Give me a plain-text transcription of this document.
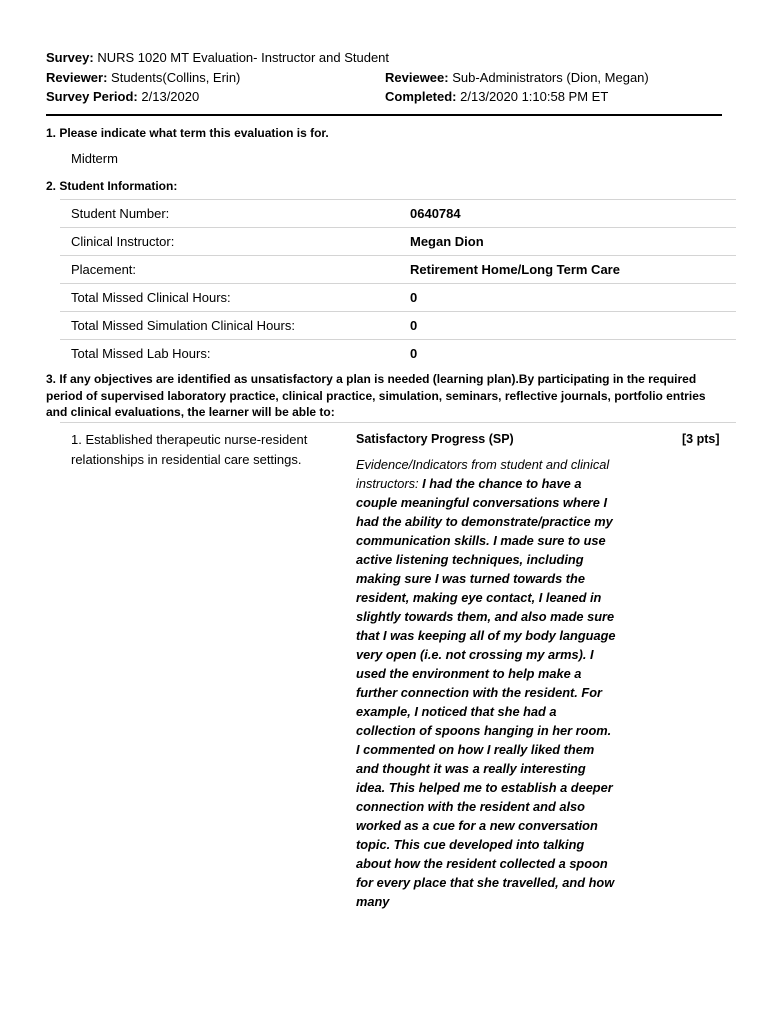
Survey: NURS 1020 MT Evaluation- Instructor and Student
Reviewer: Students(Collins, Erin)	Reviewee: Sub-Administrators (Dion, Megan)
Survey Period: 2/13/2020	Completed: 2/13/2020 1:10:58 PM ET
1. Please indicate what term this evaluation is for.
Midterm
2. Student Information:
Student Number:	0640784
Clinical Instructor:	Megan Dion
Placement:	Retirement Home/Long Term Care
Total Missed Clinical Hours:	0
Total Missed Simulation Clinical Hours:	0
Total Missed Lab Hours:	0
3. If any objectives are identified as unsatisfactory a plan is needed (learning plan).By participating in the required period of supervised laboratory practice, clinical practice, simulation, seminars, reflective journals, portfolio entries and clinical evaluations, the learner will be able to:
1. Established therapeutic nurse-resident relationships in residential care settings.
Satisfactory Progress (SP)	[3 pts]
Evidence/Indicators from student and clinical instructors: I had the chance to have a couple meaningful conversations where I had the ability to demonstrate/practice my communication skills. I made sure to use active listening techniques, including making sure I was turned towards the resident, making eye contact, I leaned in slightly towards them, and also made sure that I was keeping all of my body language very open (i.e. not crossing my arms). I used the environment to help make a further connection with the resident. For example, I noticed that she had a collection of spoons hanging in her room. I commented on how I really liked them and thought it was a really interesting idea. This helped me to establish a deeper connection with the resident and also worked as a cue for a new conversation topic. This cue developed into talking about how the resident collected a spoon for every place that she travelled, and how many
